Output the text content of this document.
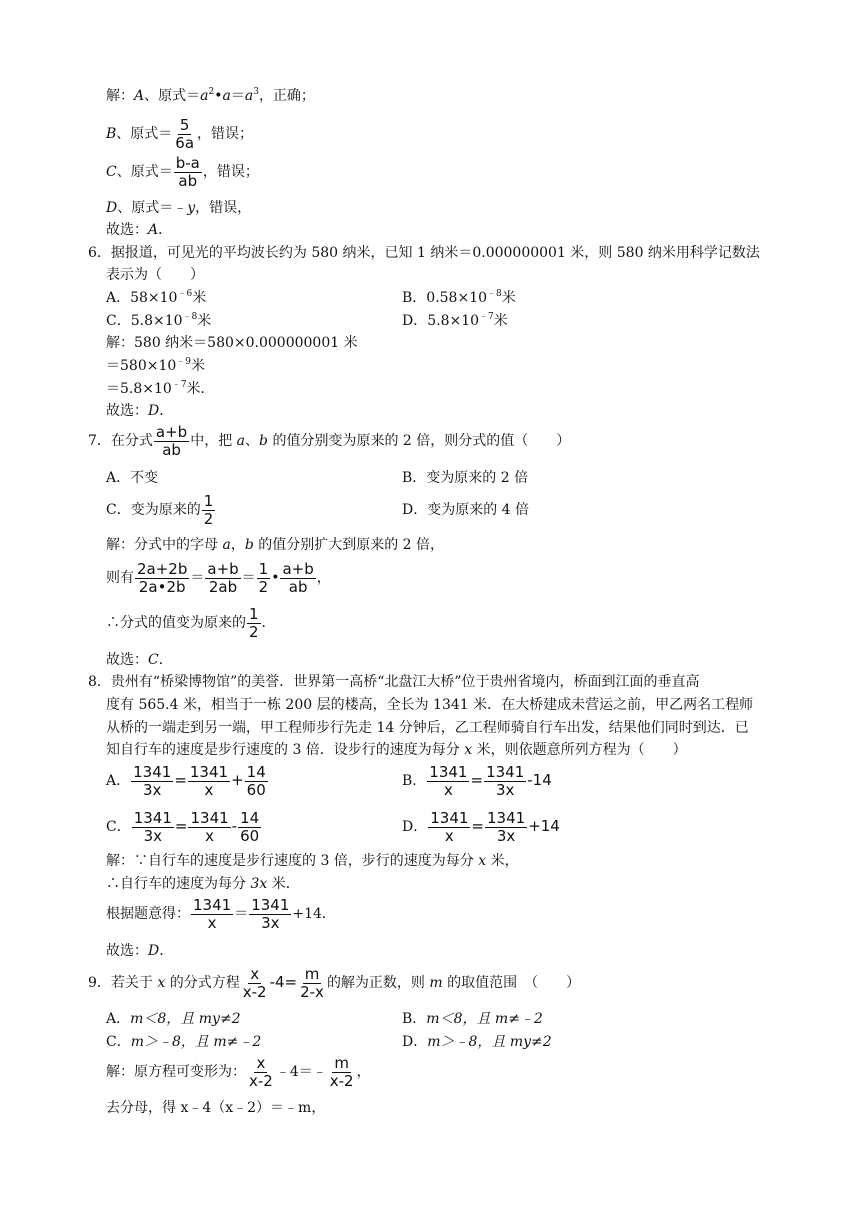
解：A、原式$=a^2•a=a^3$，正确；
B、原式＝ $\frac{5}{6a}$ ，错误；
C、原式＝ $\frac{b-a}{ab}$ ，错误；
D、原式＝﹣y，错误，
故选：A．
6．据报道，可见光的平均波长约为 580 纳米，已知 1 纳米＝0.000000001 米，则 580 纳米用科学记数法
表示为（　　）
A．$58\times 10^{﹣6}$米	B．$0.58\times 10^{﹣8}$米
C．$5.8\times 10^{﹣8}$米	D．$5.8\times 10^{﹣7}$米
解：580 纳米＝580×0.000000001 米
$=580\times 10^{﹣9}$米
$=5.8\times 10^{﹣7}$米．
故选：D．
7．在分式 $\frac{a+b}{ab}$ 中，把 a、b 的值分别变为原来的 2 倍，则分式的值（　　）
A．不变	B．变为原来的 2 倍
C．变为原来的 $\frac{1}{2}$	D．变为原来的 4 倍
解：分式中的字母 a，b 的值分别扩大到原来的 2 倍，
则有 $\frac{2a+2b}{2a•2b} = \frac{a+b}{2ab} = \frac{1}{2}$ • $\frac{a+b}{ab}$ ，
∴分式的值变为原来的 $\frac{1}{2}$ ．
故选：C．
8．贵州有“桥梁博物馆”的美誉．世界第一高桥“北盘江大桥”位于贵州省境内，桥面到江面的垂直高
度有 565.4 米，相当于一栋 200 层的楼高，全长为 1341 米．在大桥建成未营运之前，甲乙两名工程师
从桥的一端走到另一端，甲工程师步行先走 14 分钟后，乙工程师骑自行车出发，结果他们同时到达．已
知自行车的速度是步行速度的 3 倍．设步行的速度为每分 x 米，则依题意所列方程为（　　）
A． $\frac{1341}{3x} = \frac{1341}{x} + \frac{14}{60}$	B． $\frac{1341}{x} = \frac{1341}{3x} -14$
C． $\frac{1341}{3x} = \frac{1341}{x} - \frac{14}{60}$	D． $\frac{1341}{x} = \frac{1341}{3x} +14$
解：∵自行车的速度是步行速度的 3 倍，步行的速度为每分 x 米，
∴自行车的速度为每分 3x 米．
根据题意得： $\frac{1341}{x} = \frac{1341}{3x} +14$．
故选：D．
9．若关于 x 的分式方程 $\frac{x}{x-2} -4= \frac{m}{2-x}$ 的解为正数，则 m 的取值范围　（　　）
A．m＜8，且 my≠2	B．m＜8，且 m≠﹣2
C．m＞﹣8，且 m≠﹣2	D．m＞﹣8，且 my≠2
解：原方程可变形为： $\frac{x}{x-2}$ ﹣4＝﹣ $\frac{m}{x-2}$ ，
去分母，得 x﹣4（x﹣2）＝﹣m，
